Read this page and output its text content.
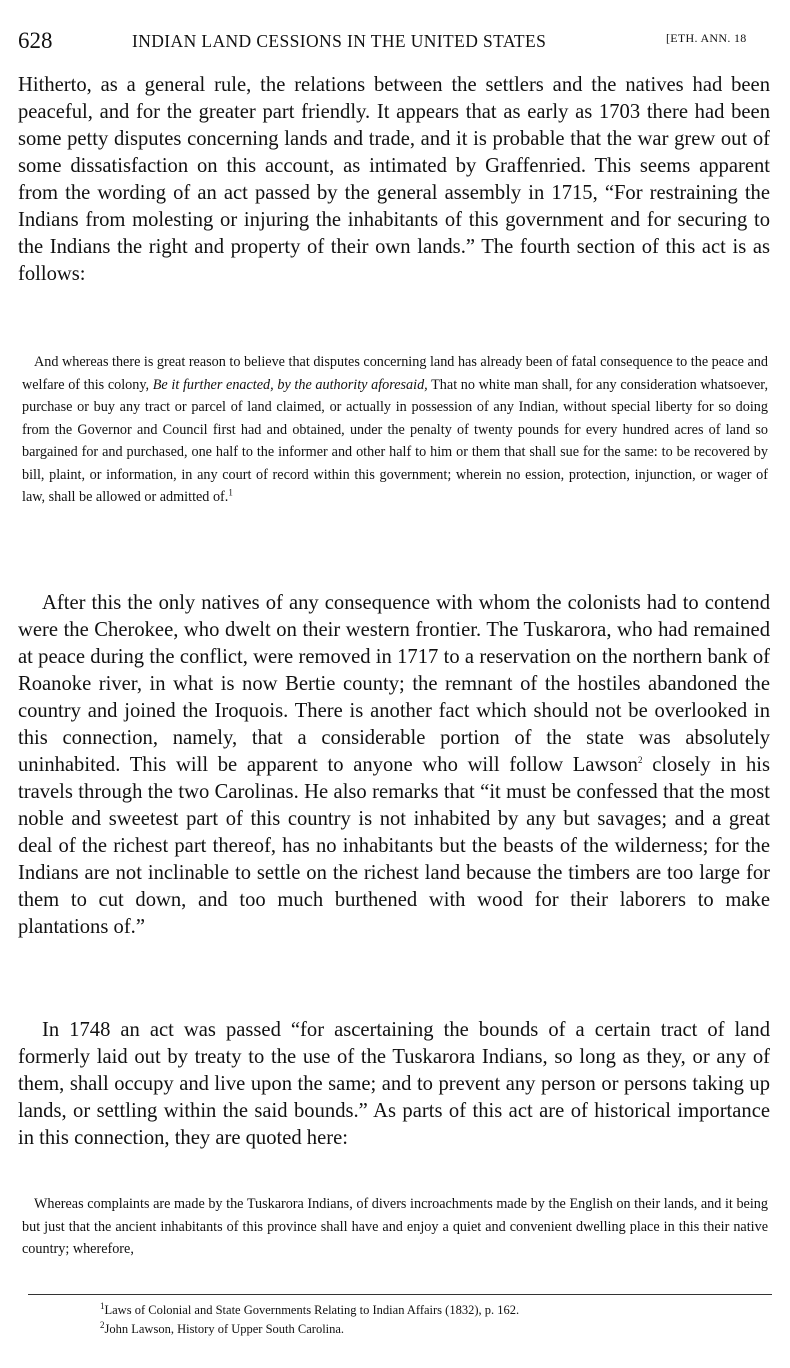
628	INDIAN LAND CESSIONS IN THE UNITED STATES	[ETH. ANN. 18

Hitherto, as a general rule, the relations between the settlers and the natives had been peaceful, and for the greater part friendly. It appears that as early as 1703 there had been some petty disputes concerning lands and trade, and it is probable that the war grew out of some dissatisfaction on this account, as intimated by Graffenried. This seems apparent from the wording of an act passed by the general assembly in 1715, “For restraining the Indians from molesting or injuring the inhabitants of this government and for securing to the Indians the right and property of their own lands.” The fourth section of this act is as follows:

And whereas there is great reason to believe that disputes concerning land has already been of fatal consequence to the peace and welfare of this colony, Be it further enacted, by the authority aforesaid, That no white man shall, for any consideration whatsoever, purchase or buy any tract or parcel of land claimed, or actually in possession of any Indian, without special liberty for so doing from the Governor and Council first had and obtained, under the penalty of twenty pounds for every hundred acres of land so bargained for and purchased, one half to the informer and other half to him or them that shall sue for the same: to be recovered by bill, plaint, or information, in any court of record within this government; wherein no ession, protection, injunction, or wager of law, shall be allowed or admitted of.$^1$

After this the only natives of any consequence with whom the colonists had to contend were the Cherokee, who dwelt on their western frontier. The Tuskarora, who had remained at peace during the conflict, were removed in 1717 to a reservation on the northern bank of Roanoke river, in what is now Bertie county; the remnant of the hostiles abandoned the country and joined the Iroquois. There is another fact which should not be overlooked in this connection, namely, that a considerable portion of the state was absolutely uninhabited. This will be apparent to anyone who will follow Lawson$^2$ closely in his travels through the two Carolinas. He also remarks that “it must be confessed that the most noble and sweetest part of this country is not inhabited by any but savages; and a great deal of the richest part thereof, has no inhabitants but the beasts of the wilderness; for the Indians are not inclinable to settle on the richest land because the timbers are too large for them to cut down, and too much burthened with wood for their laborers to make plantations of.”

In 1748 an act was passed “for ascertaining the bounds of a certain tract of land formerly laid out by treaty to the use of the Tuskarora Indians, so long as they, or any of them, shall occupy and live upon the same; and to prevent any person or persons taking up lands, or settling within the said bounds.” As parts of this act are of historical importance in this connection, they are quoted here:

Whereas complaints are made by the Tuskarora Indians, of divers incroachments made by the English on their lands, and it being but just that the ancient inhabitants of this province shall have and enjoy a quiet and convenient dwelling place in this their native country; wherefore,

$^1$Laws of Colonial and State Governments Relating to Indian Affairs (1832), p. 162.
$^2$John Lawson, History of Upper South Carolina.
